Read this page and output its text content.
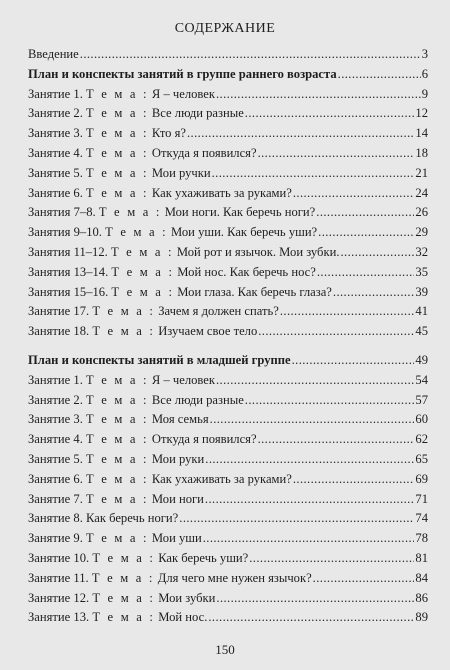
СОДЕРЖАНИЕ
Введение .....	3
План и конспекты занятий в группе раннего возраста .....	6
Занятие 1. Т е м а : Я – человек .....	9
Занятие 2. Т е м а : Все люди разные .....	12
Занятие 3. Т е м а : Кто я? .....	14
Занятие 4. Т е м а : Откуда я появился? .....	18
Занятие 5. Т е м а : Мои ручки .....	21
Занятие 6. Т е м а : Как ухаживать за руками? .....	24
Занятия 7–8. Т е м а : Мои ноги. Как беречь ноги? .....	26
Занятия 9–10. Т е м а : Мои уши. Как беречь уши? .....	29
Занятия 11–12. Т е м а : Мой рот и язычок. Мои зубки. .....	32
Занятия 13–14. Т е м а : Мой нос. Как беречь нос? .....	35
Занятия 15–16. Т е м а : Мои глаза. Как беречь глаза? .....	39
Занятие 17. Т е м а : Зачем я должен спать? .....	41
Занятие 18. Т е м а : Изучаем свое тело .....	45
План и конспекты занятий в младшей группе .....	49
Занятие 1. Т е м а : Я – человек .....	54
Занятие 2. Т е м а : Все люди разные .....	57
Занятие 3. Т е м а : Моя семья .....	60
Занятие 4. Т е м а : Откуда я появился? .....	62
Занятие 5. Т е м а : Мои руки .....	65
Занятие 6. Т е м а : Как ухаживать за руками? .....	69
Занятие 7. Т е м а : Мои ноги .....	71
Занятие 8. Как беречь ноги? .....	74
Занятие 9. Т е м а : Мои уши .....	78
Занятие 10. Т е м а : Как беречь уши? .....	81
Занятие 11. Т е м а : Для чего мне нужен язычок? .....	84
Занятие 12. Т е м а : Мои зубки .....	86
Занятие 13. Т е м а : Мой нос. .....	89
150
